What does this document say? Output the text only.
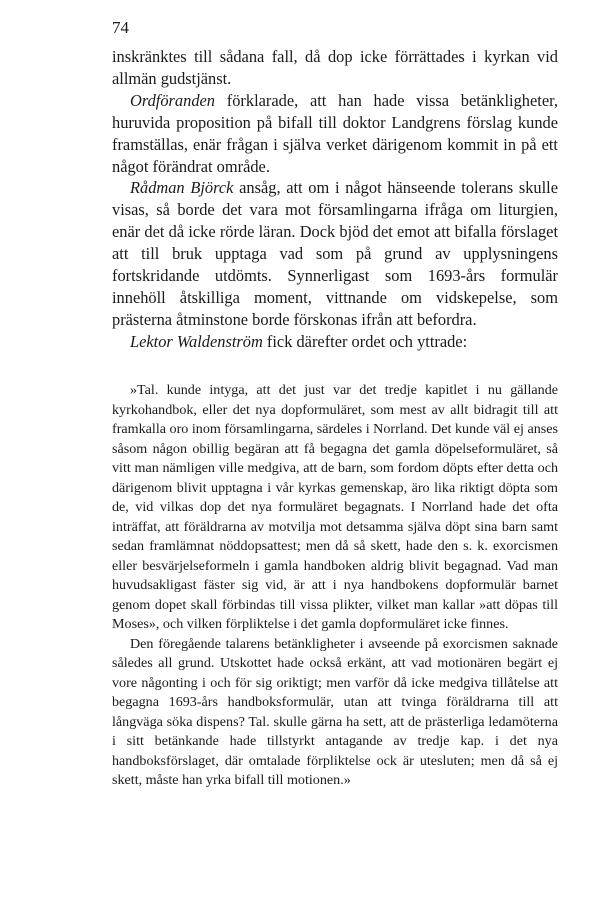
74

inskränktes till sådana fall, då dop icke förrättades i kyrkan vid allmän gudstjänst.

Ordföranden förklarade, att han hade vissa betänkligheter, huruvida proposition på bifall till doktor Landgrens förslag kunde framställas, enär frågan i själva verket därigenom kommit in på ett något förändrat område.

Rådman Björck ansåg, att om i något hänseende tolerans skulle visas, så borde det vara mot församlingarna ifråga om liturgien, enär det då icke rörde läran. Dock bjöd det emot att bifalla förslaget att till bruk upptaga vad som på grund av upplysningens fortskridande utdömts. Synnerligast som 1693-års formulär innehöll åtskilliga moment, vittnande om vidskepelse, som prästerna åtminstone borde förskonas ifrån att befordra.

Lektor Waldenström fick därefter ordet och yttrade:

»Tal. kunde intyga, att det just var det tredje kapitlet i nu gällande kyrkohandbok, eller det nya dopformuläret, som mest av allt bidragit till att framkalla oro inom församlingarna, särdeles i Norrland. Det kunde väl ej anses såsom någon obillig begäran att få begagna det gamla döpelseformuläret, så vitt man nämligen ville medgiva, att de barn, som fordom döpts efter detta och därigenom blivit upptagna i vår kyrkas gemenskap, äro lika riktigt döpta som de, vid vilkas dop det nya formuläret begagnats. I Norrland hade det ofta inträffat, att föräldrarna av motvilja mot detsamma själva döpt sina barn samt sedan framlämnat nöddopsattest; men då så skett, hade den s. k. exorcismen eller besvärjelseformeln i gamla handboken aldrig blivit begagnad. Vad man huvudsakligast fäster sig vid, är att i nya handbokens dopformulär barnet genom dopet skall förbindas till vissa plikter, vilket man kallar »att döpas till Moses», och vilken förpliktelse i det gamla dopformuläret icke finnes.

Den föregående talarens betänkligheter i avseende på exorcismen saknade således all grund. Utskottet hade också erkänt, att vad motionären begärt ej vore någonting i och för sig oriktigt; men varför då icke medgiva tillåtelse att begagna 1693-års handboksformulär, utan att tvinga föräldrarna till att långväga söka dispens? Tal. skulle gärna ha sett, att de prästerliga ledamöterna i sitt betänkande hade tillstyrkt antagande av tredje kap. i det nya handboksförslaget, där omtalade förpliktelse ock är utesluten; men då så ej skett, måste han yrka bifall till motionen.»
